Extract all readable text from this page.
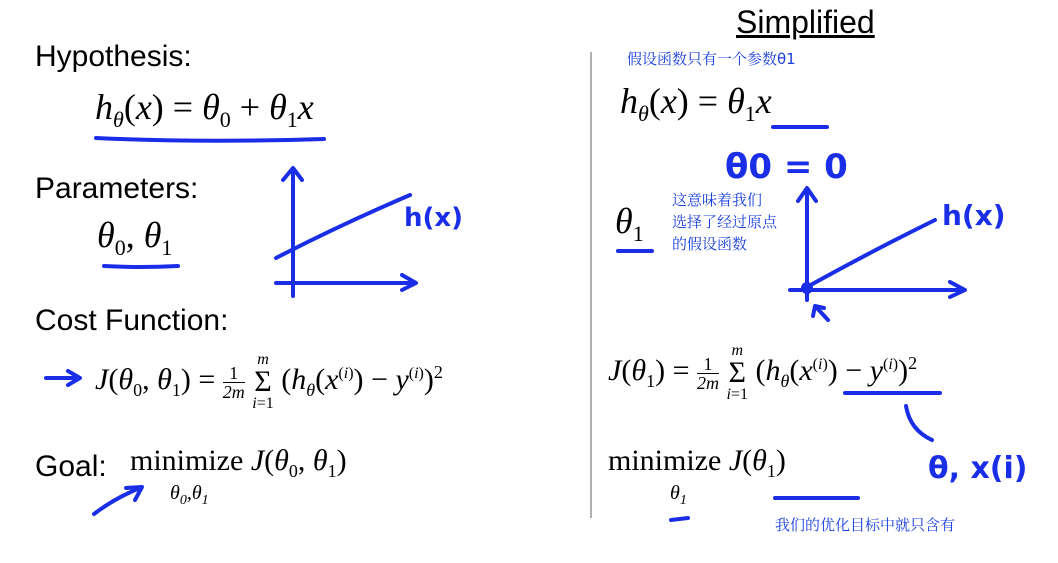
Hypothesis:
$h_\theta(x) = \theta_0 + \theta_1x$
Parameters:
$\theta_0$, $\theta_1$
Cost Function:
$J(\theta_0$, $\theta_1) = \frac{1}{2m}$

m
Σ
i=1
$(h_\theta(x^{(i)}) - y^{(i)})^2$
Goal: minimize $J(\theta_0$, $\theta_1$)
$\theta_0,\theta_1$
Simplified
假设函数只有一个参数θ1
$h_\theta(x) = \theta_1x$
$\theta_1$
这意味着我们
选择了经过原点
的假设函数
$J(\theta_1) = \frac{1}{2m}$

m
Σ
i=1
$(h_\theta(x^{(i)}) - y^{(i)})^2$
minimize $J(\theta_1)$
$\theta_1$
我们的优化目标中就只含有
h(x)
θ0 = 0
h(x)
θ, x(i)
